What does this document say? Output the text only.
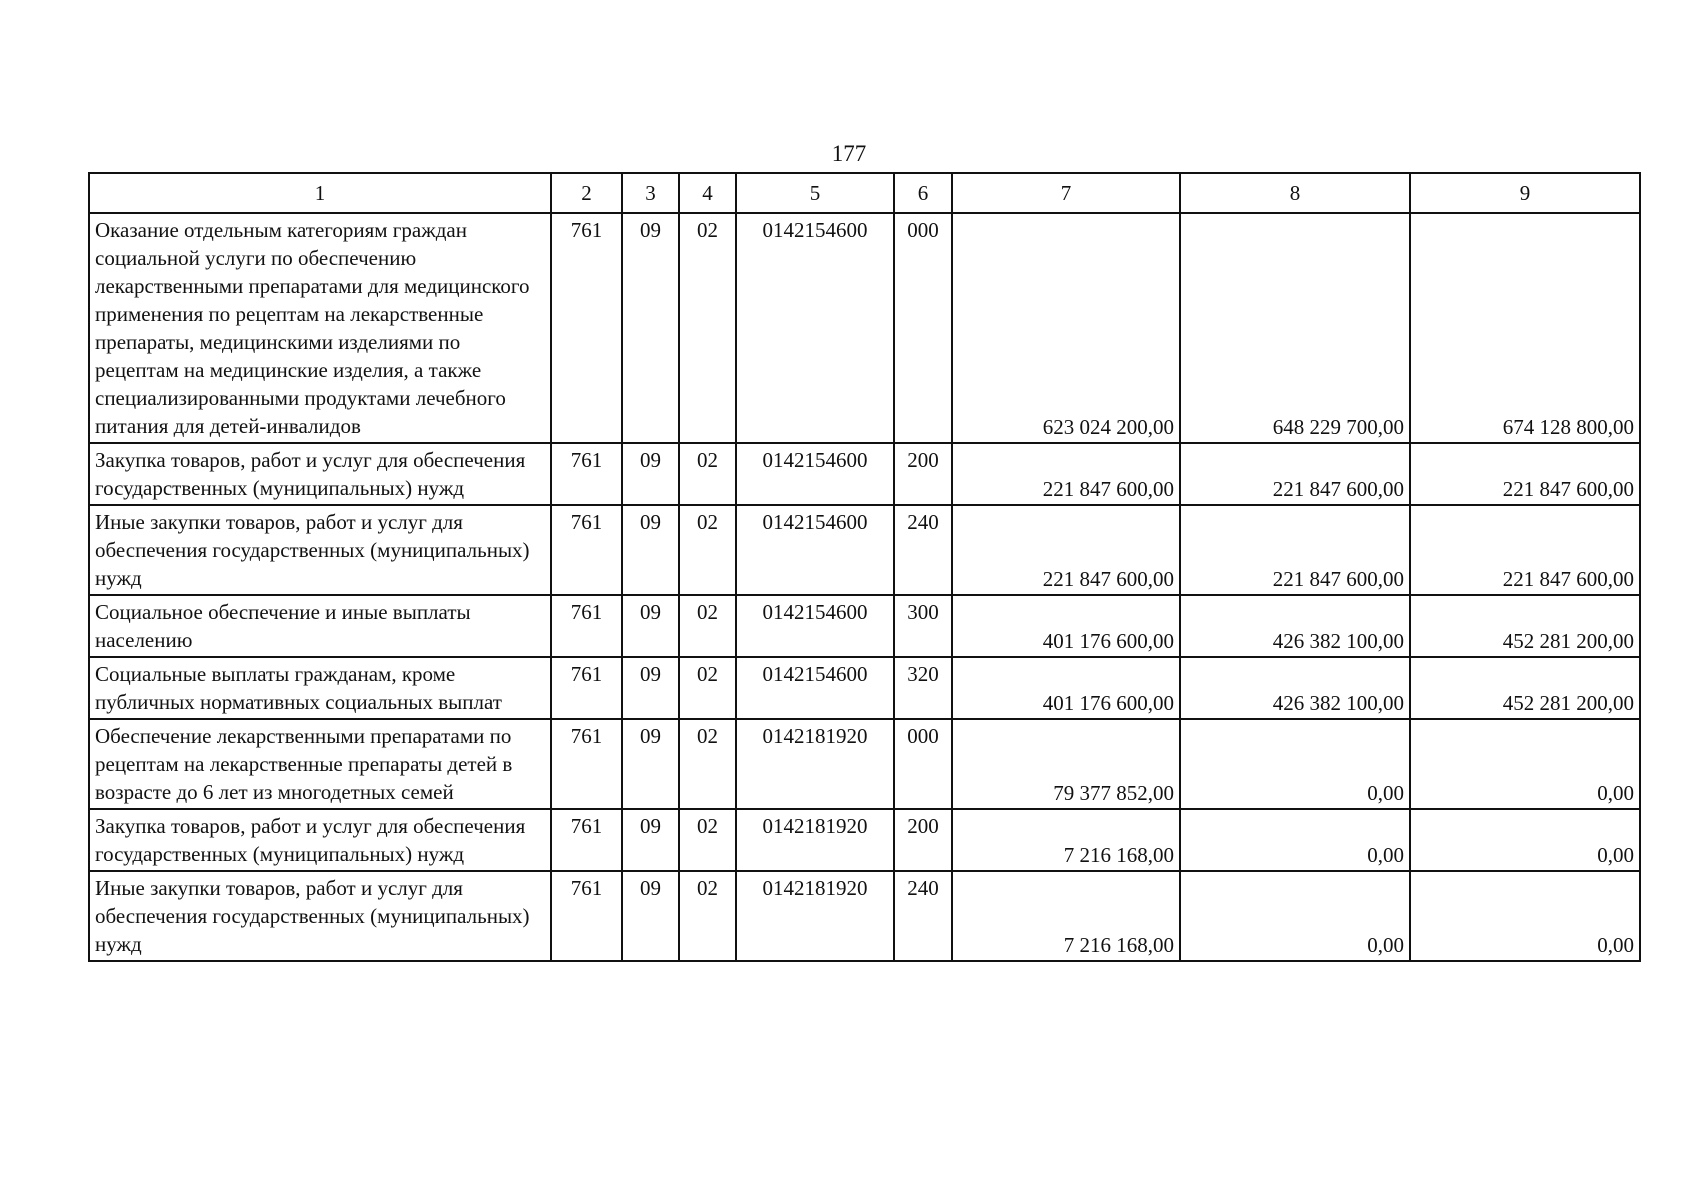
177
1	2	3	4	5	6	7	8	9
Оказание отдельным категориям граждан социальной услуги по обеспечению лекарственными препаратами для медицинского применения по рецептам на лекарственные препараты, медицинскими изделиями по рецептам на медицинские изделия, а также специализированными продуктами лечебного питания для детей-инвалидов	761	09	02	0142154600	000	623 024 200,00	648 229 700,00	674 128 800,00
Закупка товаров, работ и услуг для обеспечения государственных (муниципальных) нужд	761	09	02	0142154600	200	221 847 600,00	221 847 600,00	221 847 600,00
Иные закупки товаров, работ и услуг для обеспечения государственных (муниципальных) нужд	761	09	02	0142154600	240	221 847 600,00	221 847 600,00	221 847 600,00
Социальное обеспечение и иные выплаты населению	761	09	02	0142154600	300	401 176 600,00	426 382 100,00	452 281 200,00
Социальные выплаты гражданам, кроме публичных нормативных социальных выплат	761	09	02	0142154600	320	401 176 600,00	426 382 100,00	452 281 200,00
Обеспечение лекарственными препаратами по рецептам на лекарственные препараты детей в возрасте до 6 лет из многодетных семей	761	09	02	0142181920	000	79 377 852,00	0,00	0,00
Закупка товаров, работ и услуг для обеспечения государственных (муниципальных) нужд	761	09	02	0142181920	200	7 216 168,00	0,00	0,00
Иные закупки товаров, работ и услуг для обеспечения государственных (муниципальных) нужд	761	09	02	0142181920	240	7 216 168,00	0,00	0,00
